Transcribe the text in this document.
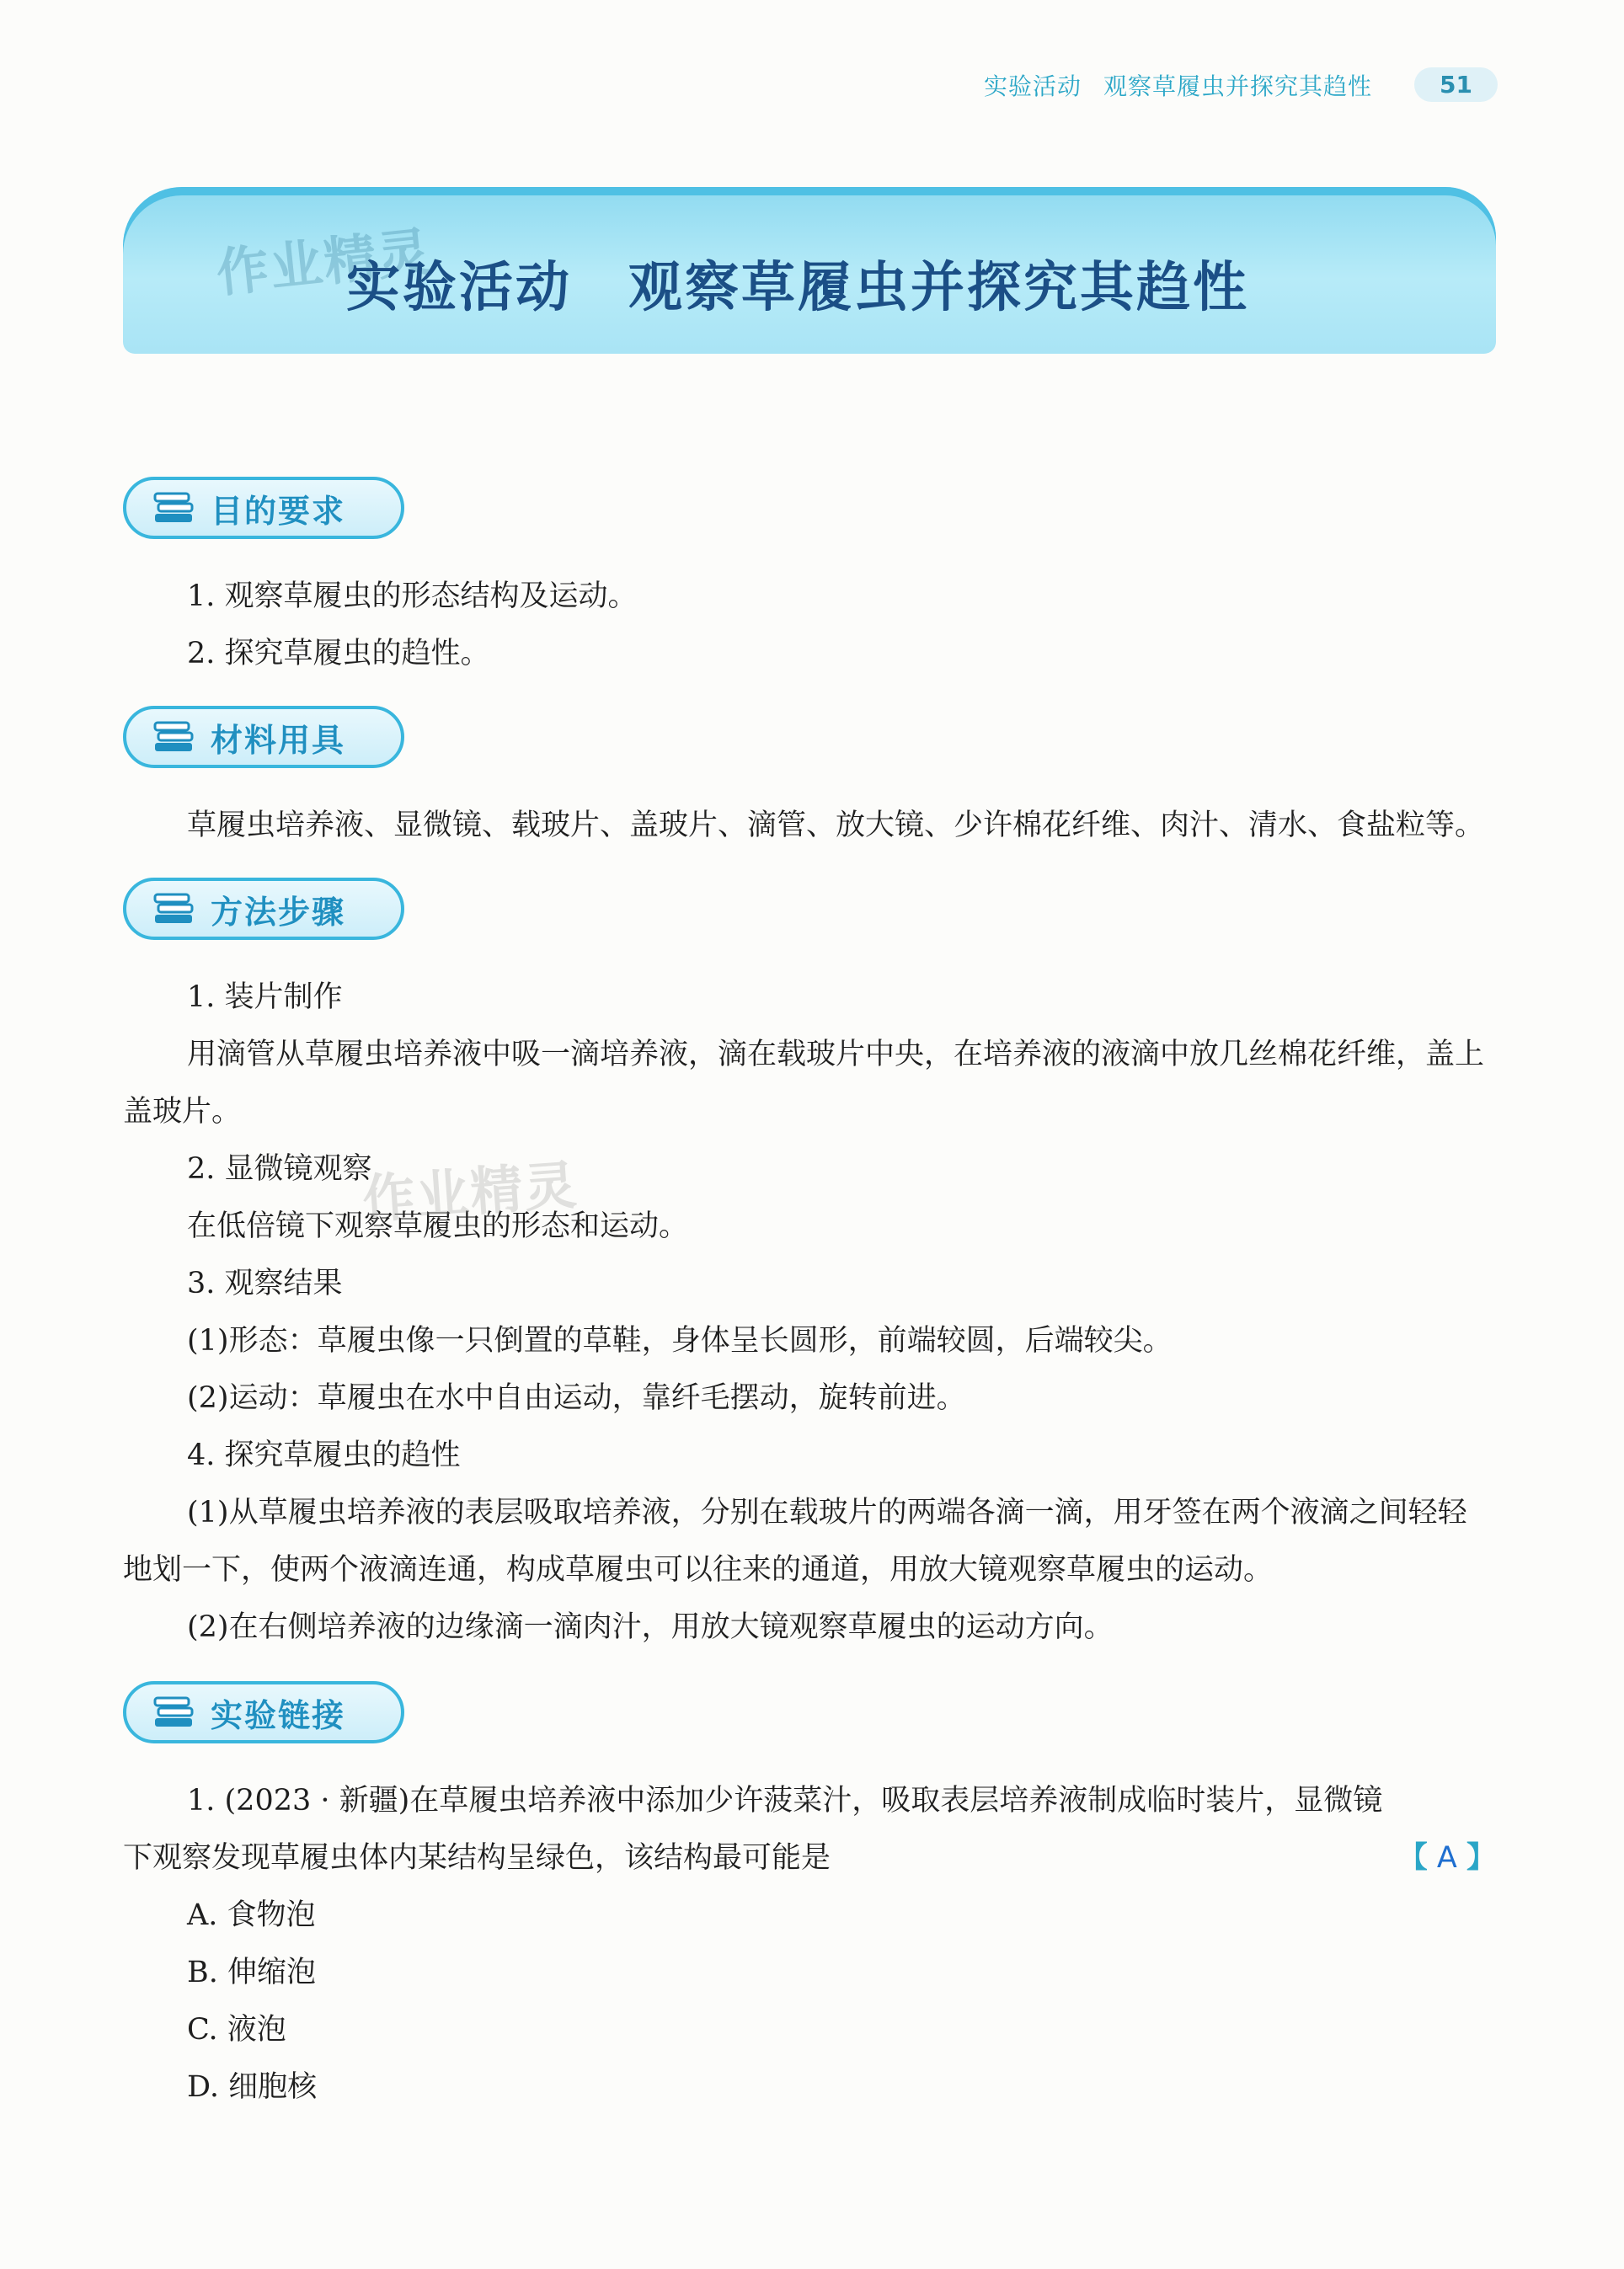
实验活动 观察草履虫并探究其趋性	51
作业精灵
实验活动　观察草履虫并探究其趋性
目的要求

1. 观察草履虫的形态结构及运动。

2. 探究草履虫的趋性。

材料用具

草履虫培养液、显微镜、载玻片、盖玻片、滴管、放大镜、少许棉花纤维、肉汁、清水、食盐粒等。

方法步骤

1. 装片制作

用滴管从草履虫培养液中吸一滴培养液，滴在载玻片中央，在培养液的液滴中放几丝棉花纤维，盖上盖玻片。

2. 显微镜观察

在低倍镜下观察草履虫的形态和运动。

作业精灵

3. 观察结果

(1)形态：草履虫像一只倒置的草鞋，身体呈长圆形，前端较圆，后端较尖。

(2)运动：草履虫在水中自由运动，靠纤毛摆动，旋转前进。

4. 探究草履虫的趋性

(1)从草履虫培养液的表层吸取培养液，分别在载玻片的两端各滴一滴，用牙签在两个液滴之间轻轻地划一下，使两个液滴连通，构成草履虫可以往来的通道，用放大镜观察草履虫的运动。

(2)在右侧培养液的边缘滴一滴肉汁，用放大镜观察草履虫的运动方向。

实验链接

1. (2023 · 新疆)在草履虫培养液中添加少许菠菜汁，吸取表层培养液制成临时装片，显微镜下观察发现草履虫体内某结构呈绿色，该结构最可能是	【 A 】

A. 食物泡

B. 伸缩泡

C. 液泡

D. 细胞核
